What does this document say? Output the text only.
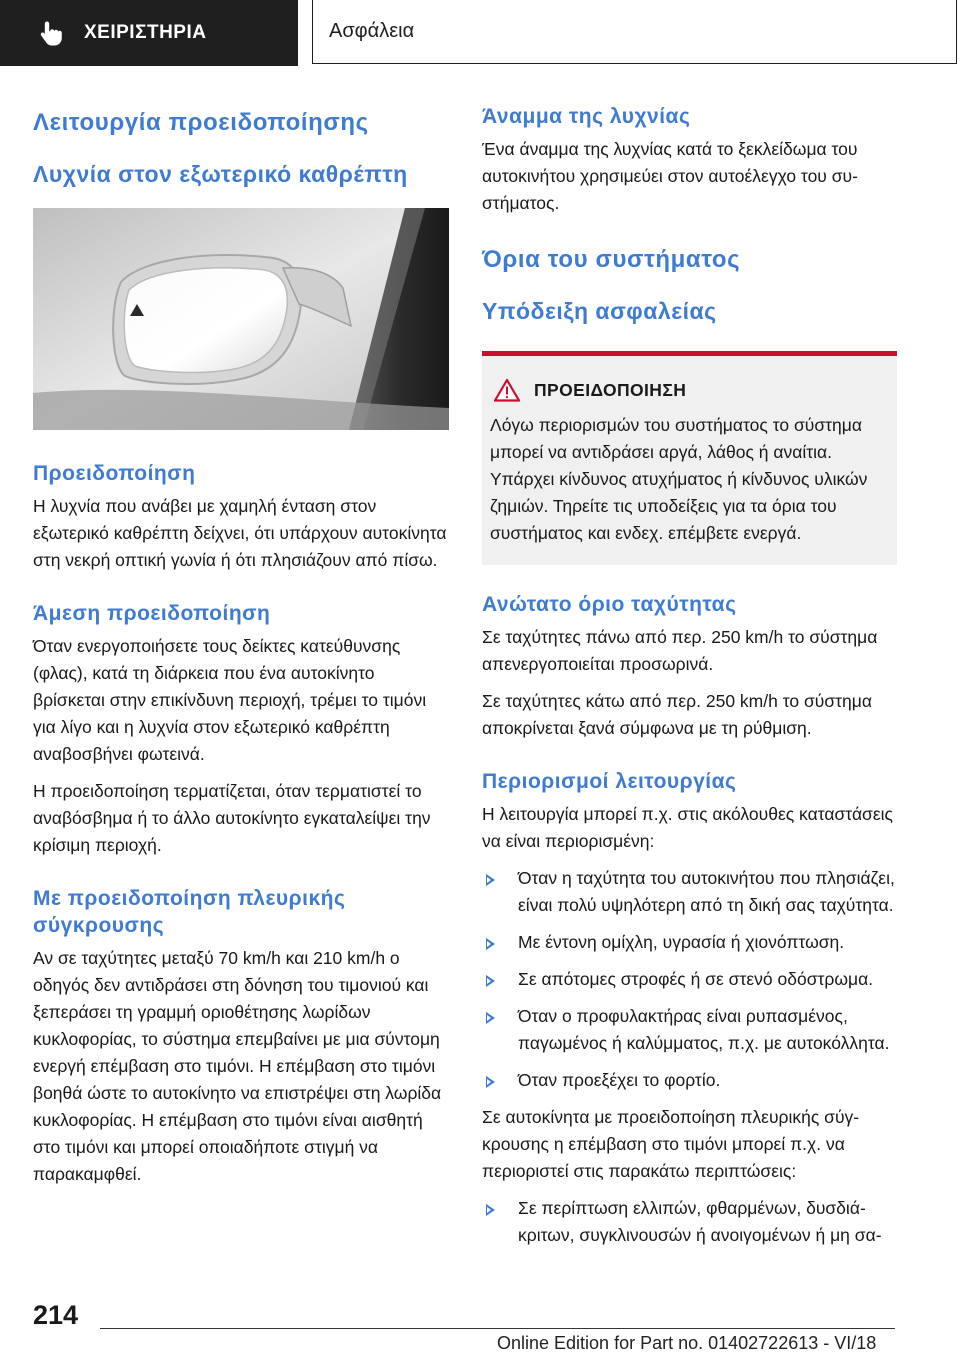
ΧΕΙΡΙΣΤΗΡΙΑ	Ασφάλεια
Λειτουργία προειδοποίησης
Λυχνία στον εξωτερικό καθρέπτη
Προειδοποίηση

Η λυχνία που ανάβει με χαμηλή ένταση στον εξωτερικό καθρέπτη δείχνει, ότι υπάρχουν αυτοκίνητα στη νεκρή οπτική γωνία ή ότι πλησιάζουν από πίσω.

Άμεση προειδοποίηση

Όταν ενεργοποιήσετε τους δείκτες κατεύθυνσης (φλας), κατά τη διάρκεια που ένα αυτοκίνητο βρίσκεται στην επικίνδυνη περιοχή, τρέμει το τιμόνι για λίγο και η λυχνία στον εξωτερικό καθρέπτη αναβοσβήνει φωτεινά.

Η προειδοποίηση τερματίζεται, όταν τερματιστεί το αναβόσβημα ή το άλλο αυτοκίνητο εγκαταλείψει την κρίσιμη περιοχή.

Με προειδοποίηση πλευρικής σύγκρουσης

Αν σε ταχύτητες μεταξύ 70 km/h και 210 km/h ο οδηγός δεν αντιδράσει στη δόνηση του τιμονιού και ξεπεράσει τη γραμμή οριοθέτησης λωρίδων κυκλοφορίας, το σύστημα επεμβαίνει με μια σύντομη ενεργή επέμβαση στο τιμόνι. Η επέμβαση στο τιμόνι βοηθά ώστε το αυτοκίνητο να επιστρέψει στη λωρίδα κυκλοφορίας. Η επέμβαση στο τιμόνι είναι αισθητή στο τιμόνι και μπορεί οποιαδήποτε στιγμή να παρακαμφθεί.

Άναμμα της λυχνίας

Ένα άναμμα της λυχνίας κατά το ξεκλείδωμα του αυτοκινήτου χρησιμεύει στον αυτοέλεγχο του συστήματος.

Όρια του συστήματος
Υπόδειξη ασφαλείας
ΠΡΟΕΙΔΟΠΟΙΗΣΗ

Λόγω περιορισμών του συστήματος το σύστημα μπορεί να αντιδράσει αργά, λάθος ή αναίτια. Υπάρχει κίνδυνος ατυχήματος ή κίνδυνος υλικών ζημιών. Τηρείτε τις υποδείξεις για τα όρια του συστήματος και ενδεχ. επέμβετε ενεργά.

Ανώτατο όριο ταχύτητας

Σε ταχύτητες πάνω από περ. 250 km/h το σύστημα απενεργοποιείται προσωρινά.

Σε ταχύτητες κάτω από περ. 250 km/h το σύστημα αποκρίνεται ξανά σύμφωνα με τη ρύθμιση.

Περιορισμοί λειτουργίας

Η λειτουργία μπορεί π.χ. στις ακόλουθες καταστάσεις να είναι περιορισμένη:

Όταν η ταχύτητα του αυτοκινήτου που πλησιάζει, είναι πολύ υψηλότερη από τη δική σας ταχύτητα.
Με έντονη ομίχλη, υγρασία ή χιονόπτωση.
Σε απότομες στροφές ή σε στενό οδόστρωμα.
Όταν ο προφυλακτήρας είναι ρυπασμένος, παγωμένος ή καλύμματος, π.χ. με αυτοκόλλητα.
Όταν προεξέχει το φορτίο.

Σε αυτοκίνητα με προειδοποίηση πλευρικής σύγκρουσης η επέμβαση στο τιμόνι μπορεί π.χ. να περιοριστεί στις παρακάτω περιπτώσεις:

Σε περίπτωση ελλιπών, φθαρμένων, δυσδιάκριτων, συγκλινουσών ή ανοιγομένων ή μη σα-
214
Online Edition for Part no. 01402722613 - VI/18
